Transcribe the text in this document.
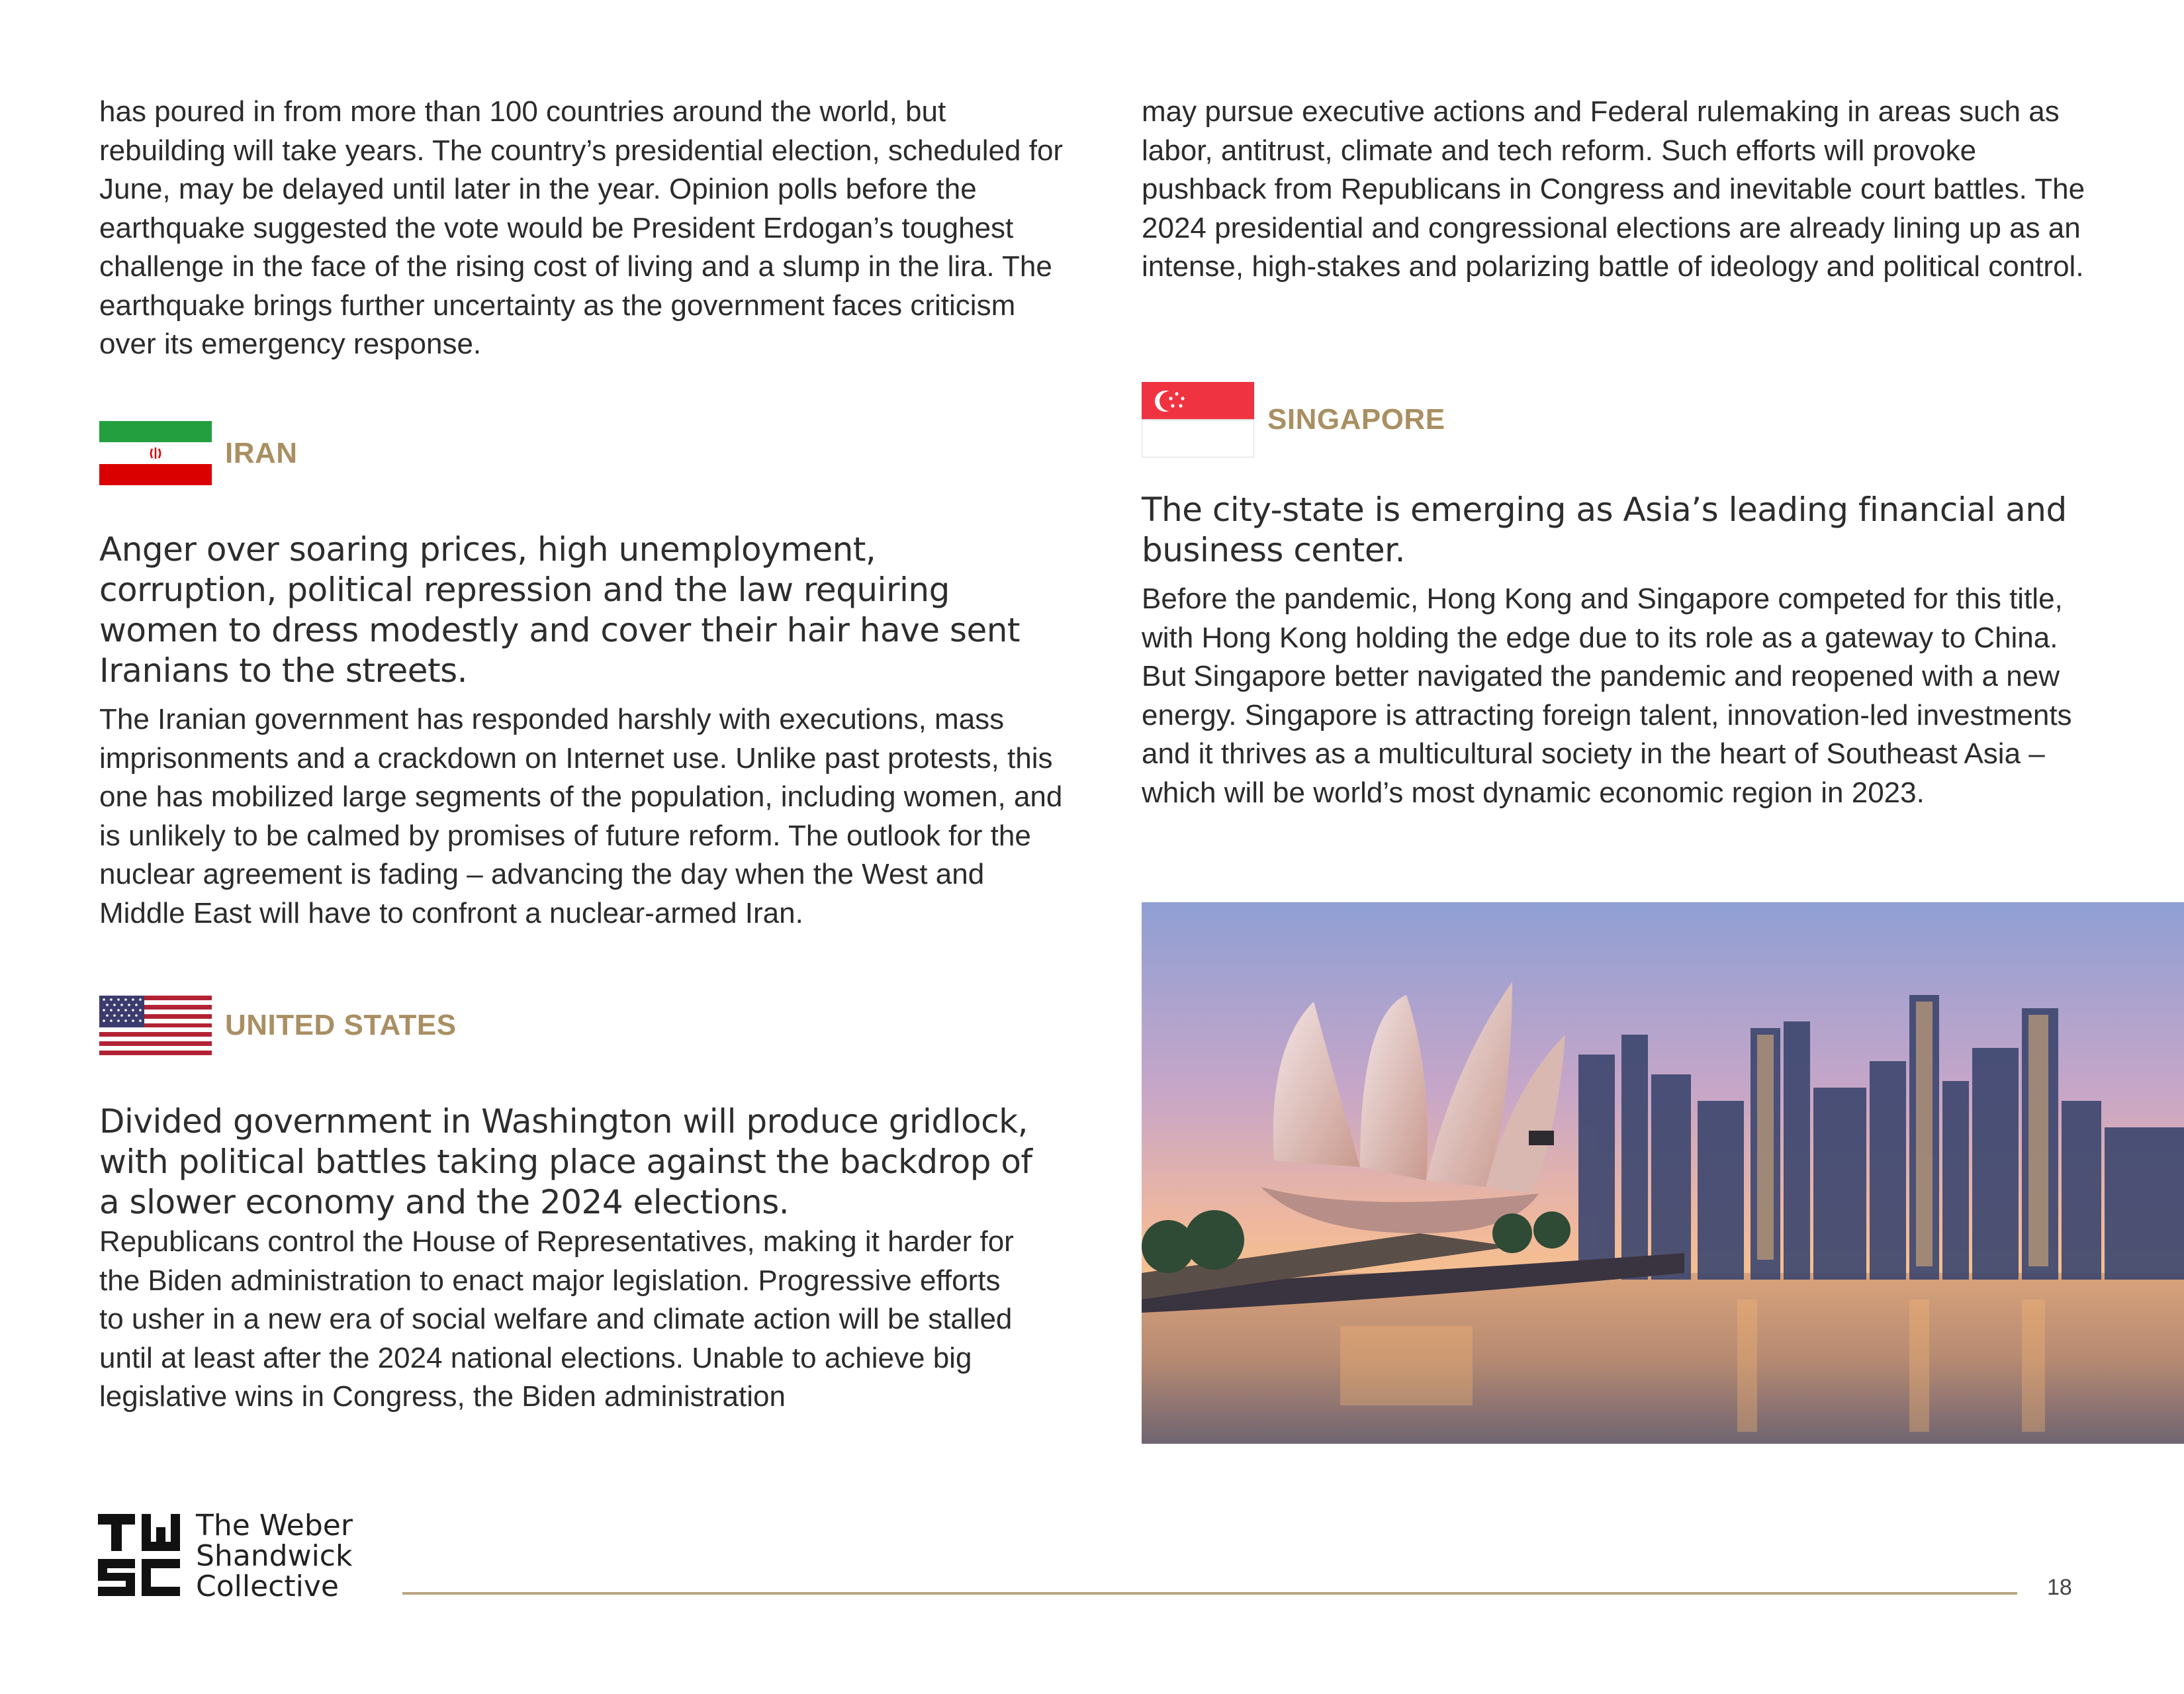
has poured in from more than 100 countries around the world, but rebuilding will take years. The country’s presidential election, scheduled for June, may be delayed until later in the year. Opinion polls before the earthquake suggested the vote would be President Erdogan’s toughest challenge in the face of the rising cost of living and a slump in the lira. The earthquake brings further uncertainty as the government faces criticism over its emergency response.

IRAN
Anger over soaring prices, high unemployment, corruption, political repression and the law requiring women to dress modestly and cover their hair have sent Iranians to the streets.

The Iranian government has responded harshly with executions, mass imprisonments and a crackdown on Internet use. Unlike past protests, this one has mobilized large segments of the population, including women, and is unlikely to be calmed by promises of future reform. The outlook for the nuclear agreement is fading – advancing the day when the West and Middle East will have to confront a nuclear-armed Iran.

UNITED STATES
Divided government in Washington will produce gridlock, with political battles taking place against the backdrop of a slower economy and the 2024 elections.

Republicans control the House of Representatives, making it harder for the Biden administration to enact major legislation. Progressive efforts to usher in a new era of social welfare and climate action will be stalled until at least after the 2024 national elections. Unable to achieve big legislative wins in Congress, the Biden administration

may pursue executive actions and Federal rulemaking in areas such as labor, antitrust, climate and tech reform. Such efforts will provoke pushback from Republicans in Congress and inevitable court battles. The 2024 presidential and congressional elections are already lining up as an intense, high-stakes and polarizing battle of ideology and political control.

SINGAPORE
The city-state is emerging as Asia’s leading financial and business center.

Before the pandemic, Hong Kong and Singapore competed for this title, with Hong Kong holding the edge due to its role as a gateway to China. But Singapore better navigated the pandemic and reopened with a new energy. Singapore is attracting foreign talent, innovation-led investments and it thrives as a multicultural society in the heart of Southeast Asia – which will be world’s most dynamic economic region in 2023.

The Weber
Shandwick
Collective	18
